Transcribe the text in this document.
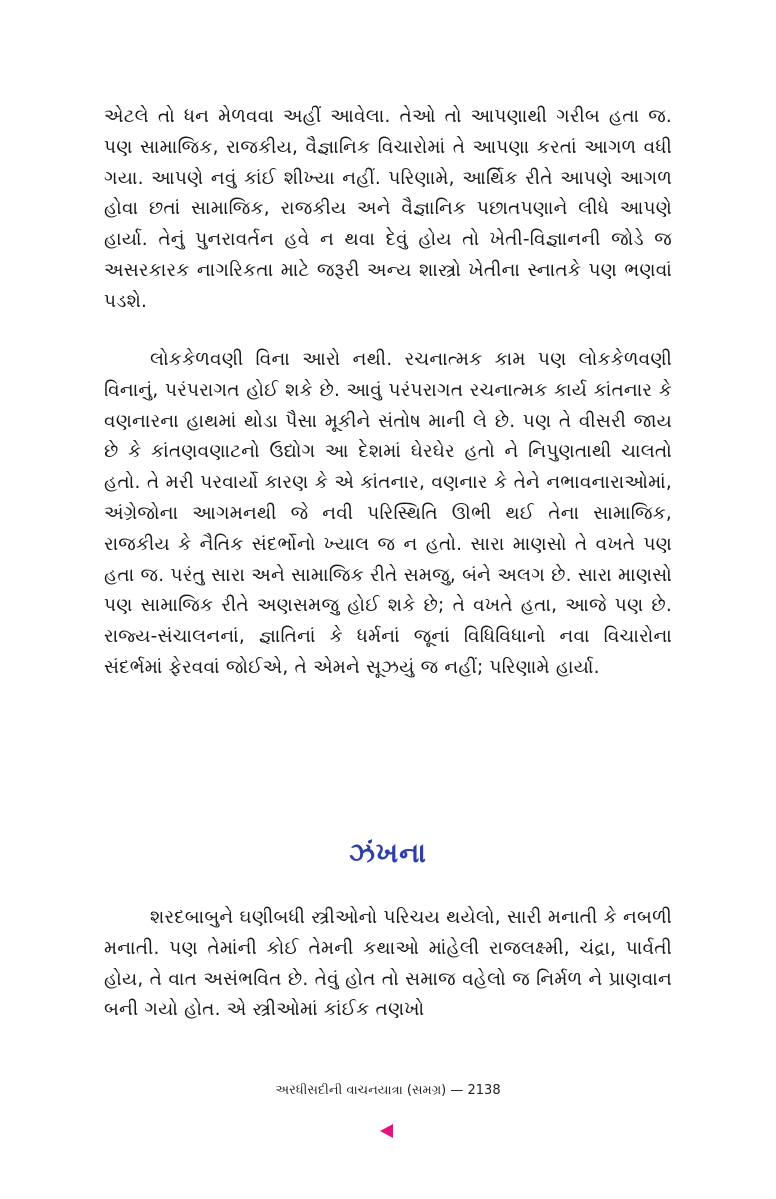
એટલે તો ધન મેળવવા અહીં આવેલા. તેઓ તો આપણાથી ગરીબ હતા જ. પણ સામાજિક, રાજકીય, વૈજ્ઞાનિક વિચારોમાં તે આપણા કરતાં આગળ વધી ગયા. આપણે નવું કાંઈ શીખ્યા નહીં. પરિણામે, આર્થિક રીતે આપણે આગળ હોવા છતાં સામાજિક, રાજકીય અને વૈજ્ઞાનિક પછાતપણાને લીધે આપણે હાર્યા. તેનું પુનરાવર્તન હવે ન થવા દેવું હોય તો ખેતી-વિજ્ઞાનની જોડે જ અસરકારક નાગરિકતા માટે જરૂરી અન્ય શાસ્ત્રો ખેતીના સ્નાતકે પણ ભણવાં પડશે.

લોકકેળવણી વિના આરો નથી. રચનાત્મક કામ પણ લોકકેળવણી વિનાનું, પરંપરાગત હોઈ શકે છે. આવું પરંપરાગત રચનાત્મક કાર્ય કાંતનાર કે વણનારના હાથમાં થોડા પૈસા મૂકીને સંતોષ માની લે છે. પણ તે વીસરી જાય છે કે કાંતણવણાટનો ઉદ્યોગ આ દેશમાં ઘેરઘેર હતો ને નિપુણતાથી ચાલતો હતો. તે મરી પરવાર્યો કારણ કે એ કાંતનાર, વણનાર કે તેને નભાવનારાઓમાં, અંગ્રેજોના આગમનથી જે નવી પરિસ્થિતિ ઊભી થઈ તેના સામાજિક, રાજકીય કે નૈતિક સંદર્ભોનો ખ્યાલ જ ન હતો. સારા માણસો તે વખતે પણ હતા જ. પરંતુ સારા અને સામાજિક રીતે સમજુ, બંને અલગ છે. સારા માણસો પણ સામાજિક રીતે અણસમજુ હોઈ શકે છે; તે વખતે હતા, આજે પણ છે. રાજ્ય-સંચાલનનાં, જ્ઞાતિનાં કે ધર્મનાં જૂનાં વિધિવિધાનો નવા વિચારોના સંદર્ભમાં ફેરવવાં જોઈએ, તે એમને સૂઝયું જ નહીં; પરિણામે હાર્યા.

ઝંખના

શરદબાબુને ઘણીબધી સ્ત્રીઓનો પરિચય થયેલો, સારી મનાતી કે નબળી મનાતી. પણ તેમાંની કોઈ તેમની કથાઓ માંહેલી રાજલક્ષ્મી, ચંદ્રા, પાર્વતી હોય, તે વાત અસંભવિત છે. તેવું હોત તો સમાજ વહેલો જ નિર્મળ ને પ્રાણવાન બની ગયો હોત. એ સ્ત્રીઓમાં કાંઈક તણખો

અરધીસદીની વાચનયાત્રા (સમગ્ર) — 2138
